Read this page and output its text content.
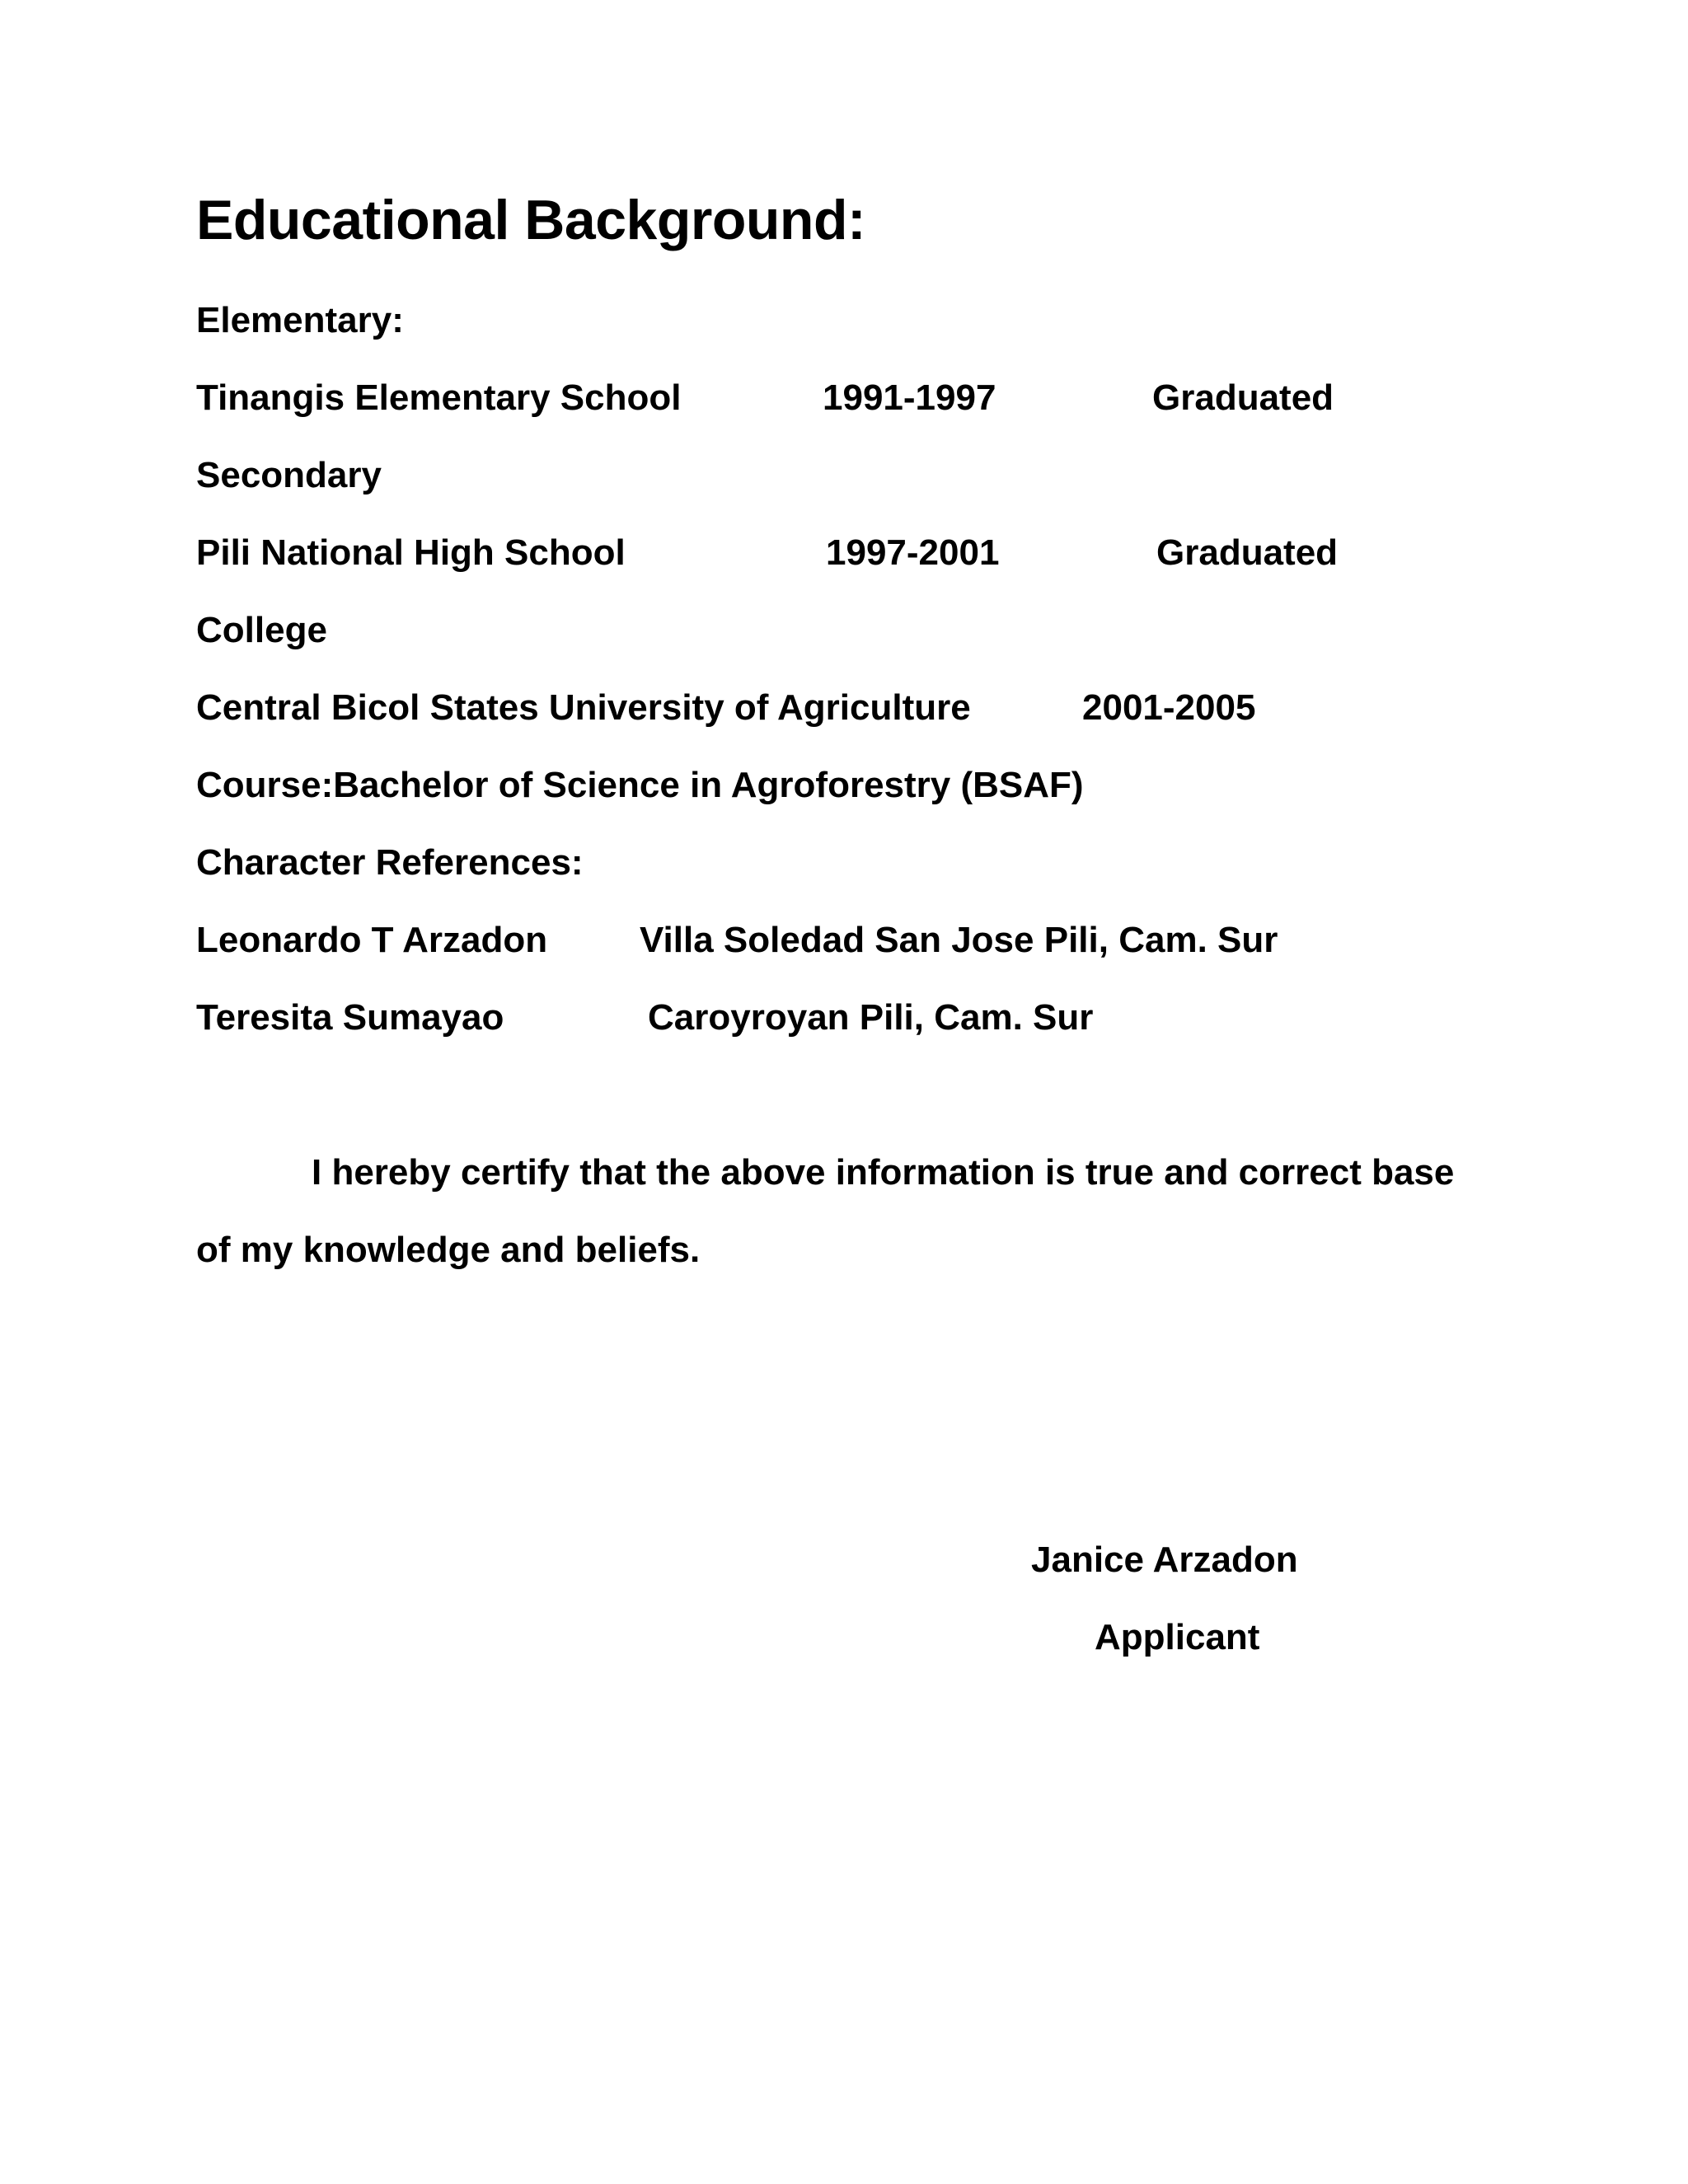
Educational Background:
Elementary:
Tinangis Elementary School	1991-1997	Graduated
Secondary
Pili National High School	1997-2001	Graduated
College
Central Bicol States University of Agriculture	2001-2005
Course:Bachelor of Science in Agroforestry (BSAF)
Character References:
Leonardo T Arzadon	Villa Soledad San Jose Pili, Cam. Sur
Teresita Sumayao	Caroyroyan Pili, Cam. Sur
I hereby certify that the above information is true and correct base
of my knowledge and beliefs.
Janice Arzadon
Applicant
